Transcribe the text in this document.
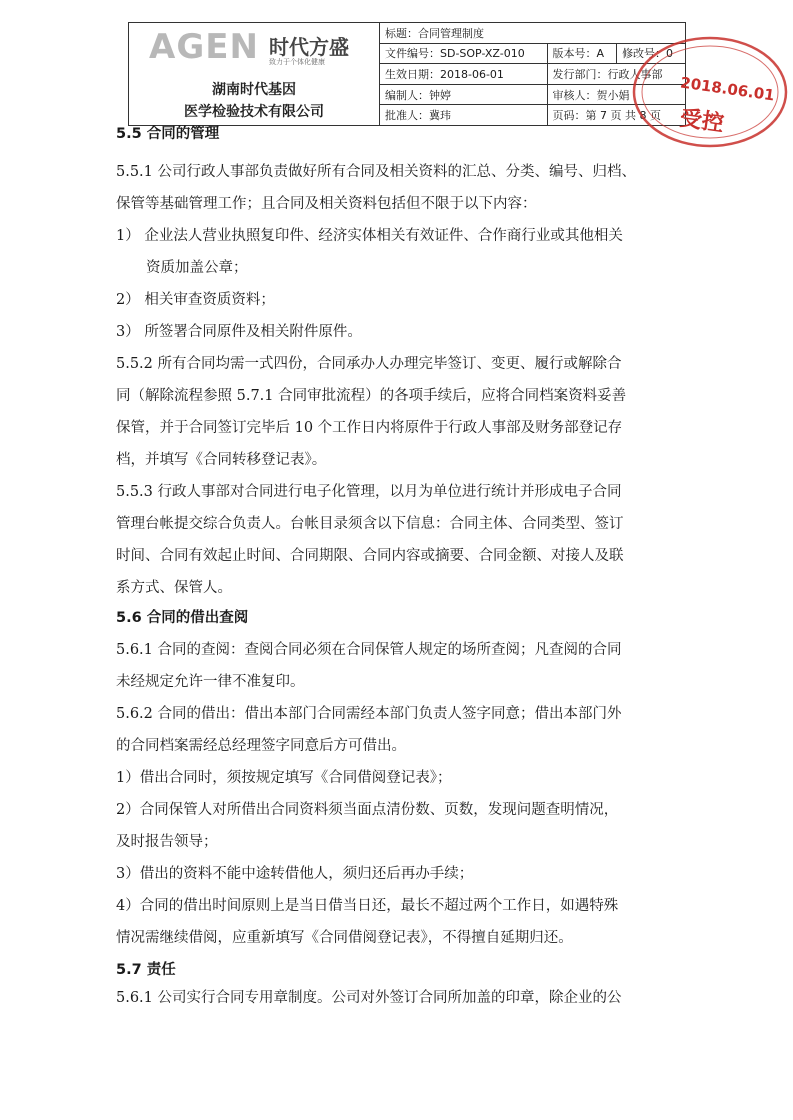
AGEN 时代方盛
致力于个体化健康
湖南时代基因
医学检验技术有限公司	标题：合同管理制度		
	文件编号：SD-SOP-XZ-010	版本号：A	修改号：0
	生效日期：2018-06-01	发行部门：行政人事部	
	编制人：钟婷	审核人：贺小娟	
	批准人：冀玮	页码：第 7 页 共 8 页	
2018.06.01
受控
5.5 合同的管理
5.5.1 公司行政人事部负责做好所有合同及相关资料的汇总、分类、编号、归档、
保管等基础管理工作；且合同及相关资料包括但不限于以下内容：
1） 企业法人营业执照复印件、经济实体相关有效证件、合作商行业或其他相关
资质加盖公章；
2） 相关审查资质资料；
3） 所签署合同原件及相关附件原件。
5.5.2 所有合同均需一式四份，合同承办人办理完毕签订、变更、履行或解除合
同（解除流程参照 5.7.1 合同审批流程）的各项手续后，应将合同档案资料妥善
保管，并于合同签订完毕后 10 个工作日内将原件于行政人事部及财务部登记存
档，并填写《合同转移登记表》。
5.5.3 行政人事部对合同进行电子化管理，以月为单位进行统计并形成电子合同
管理台帐提交综合负责人。台帐目录须含以下信息：合同主体、合同类型、签订
时间、合同有效起止时间、合同期限、合同内容或摘要、合同金额、对接人及联
系方式、保管人。
5.6 合同的借出查阅
5.6.1 合同的查阅：查阅合同必须在合同保管人规定的场所查阅；凡查阅的合同
未经规定允许一律不准复印。
5.6.2 合同的借出：借出本部门合同需经本部门负责人签字同意；借出本部门外
的合同档案需经总经理签字同意后方可借出。
1）借出合同时，须按规定填写《合同借阅登记表》；
2）合同保管人对所借出合同资料须当面点清份数、页数，发现问题查明情况，
及时报告领导；
3）借出的资料不能中途转借他人，须归还后再办手续；
4）合同的借出时间原则上是当日借当日还，最长不超过两个工作日，如遇特殊
情况需继续借阅，应重新填写《合同借阅登记表》，不得擅自延期归还。
5.7 责任
5.6.1 公司实行合同专用章制度。公司对外签订合同所加盖的印章，除企业的公
